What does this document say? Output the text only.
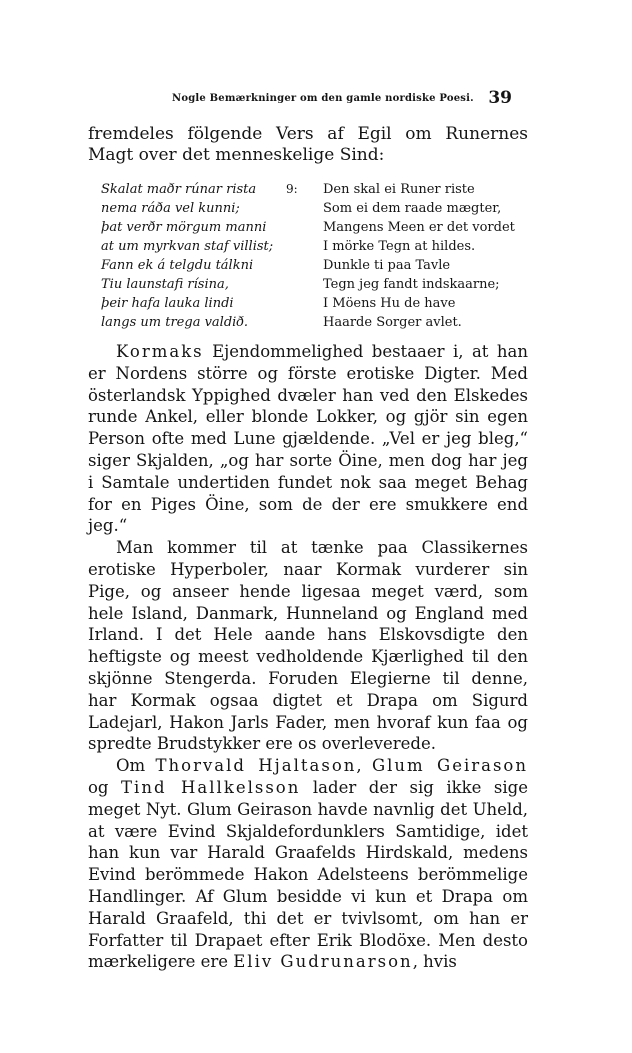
Nogle Bemærkninger om den gamle nordiske Poesi. 39
fremdeles fölgende Vers af Egil om Runernes Magt over det menneskelige Sind:
Skalat maðr rúnar rista
nema ráða vel kunni;
þat verðr mörgum manni
at um myrkvan staf villist;
Fann ek á telgdu tálkni
Tiu launstafi rísina,
þeir hafa lauka lindi
langs um trega valdið.
9: Den skal ei Runer riste
Som ei dem raade mægter,
Mangens Meen er det vordet
I mörke Tegn at hildes.
Dunkle ti paa Tavle
Tegn jeg fandt indskaarne;
I Möens Hu de have
Haarde Sorger avlet.

Kormaks Ejendommelighed bestaaer i, at han er Nordens större og förste erotiske Digter. Med österlandsk Yppighed dvæler han ved den Elskedes runde Ankel, eller blonde Lokker, og gjör sin egen Person ofte med Lune gjældende. „Vel er jeg bleg,“ siger Skjalden, „og har sorte Öine, men dog har jeg i Samtale undertiden fundet nok saa meget Behag for en Piges Öine, som de der ere smukkere end jeg.“

Man kommer til at tænke paa Classikernes erotiske Hyperboler, naar Kormak vurderer sin Pige, og anseer hende ligesaa meget værd, som hele Island, Danmark, Hunneland og England med Irland. I det Hele aande hans Elskovsdigte den heftigste og meest vedholdende Kjærlighed til den skjönne Stengerda. Foruden Elegierne til denne, har Kormak ogsaa digtet et Drapa om Sigurd Ladejarl, Hakon Jarls Fader, men hvoraf kun faa og spredte Brudstykker ere os overleverede.

Om Thorvald Hjaltason, Glum Geirason og Tind Hallkelsson lader der sig ikke sige meget Nyt. Glum Geirason havde navnlig det Uheld, at være Evind Skjaldefordunklers Samtidige, idet han kun var Harald Graafelds Hirdskald, medens Evind berömmede Hakon Adelsteens berömmelige Handlinger. Af Glum besidde vi kun et Drapa om Harald Graafeld, thi det er tvivlsomt, om han er Forfatter til Drapaet efter Erik Blodöxe. Men desto mærkeligere ere Eliv Gudrunarson, hvis
